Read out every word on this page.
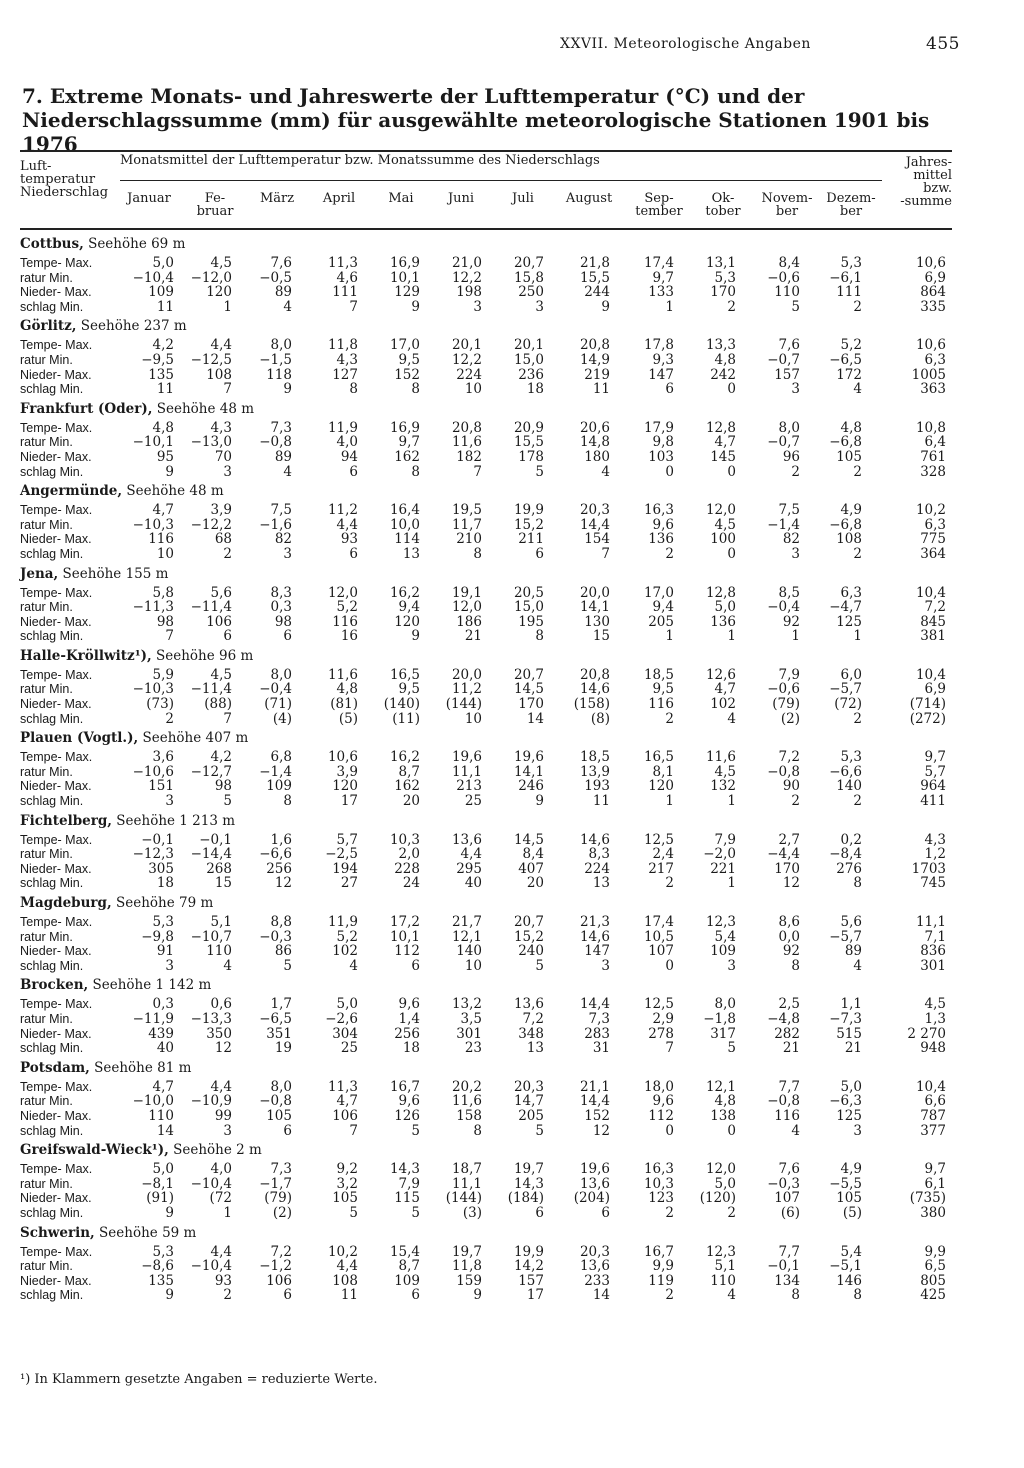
XXVII. Meteorologische Angaben	455
7. Extreme Monats- und Jahreswerte der Lufttemperatur (°C) und der Niederschlagssumme (mm) für ausgewählte meteorologische Stationen 1901 bis 1976
Luft-
temperatur
Niederschlag
Monatsmittel der Lufttemperatur bzw. Monatssumme des Niederschlags
Januar	Fe-
bruar
März	April	Mai	Juni	Juli	August	Sep-
tember
Ok-
tober
Novem-
ber
Dezem-
ber
Jahres-
mittel
bzw.
-summe
Cottbus, Seehöhe 69 m													
Tempe- Max.	5,0	4,5	7,6	11,3	16,9	21,0	20,7	21,8	17,4	13,1	8,4	5,3	10,6
ratur Min.	−10,4	−12,0	−0,5	4,6	10,1	12,2	15,8	15,5	9,7	5,3	−0,6	−6,1	6,9
Nieder- Max.	109	120	89	111	129	198	250	244	133	170	110	111	864
schlag Min.	11	1	4	7	9	3	3	9	1	2	5	2	335
Görlitz, Seehöhe 237 m													
Tempe- Max.	4,2	4,4	8,0	11,8	17,0	20,1	20,1	20,8	17,8	13,3	7,6	5,2	10,6
ratur Min.	−9,5	−12,5	−1,5	4,3	9,5	12,2	15,0	14,9	9,3	4,8	−0,7	−6,5	6,3
Nieder- Max.	135	108	118	127	152	224	236	219	147	242	157	172	1005
schlag Min.	11	7	9	8	8	10	18	11	6	0	3	4	363
Frankfurt (Oder), Seehöhe 48 m													
Tempe- Max.	4,8	4,3	7,3	11,9	16,9	20,8	20,9	20,6	17,9	12,8	8,0	4,8	10,8
ratur Min.	−10,1	−13,0	−0,8	4,0	9,7	11,6	15,5	14,8	9,8	4,7	−0,7	−6,8	6,4
Nieder- Max.	95	70	89	94	162	182	178	180	103	145	96	105	761
schlag Min.	9	3	4	6	8	7	5	4	0	0	2	2	328
Angermünde, Seehöhe 48 m													
Tempe- Max.	4,7	3,9	7,5	11,2	16,4	19,5	19,9	20,3	16,3	12,0	7,5	4,9	10,2
ratur Min.	−10,3	−12,2	−1,6	4,4	10,0	11,7	15,2	14,4	9,6	4,5	−1,4	−6,8	6,3
Nieder- Max.	116	68	82	93	114	210	211	154	136	100	82	108	775
schlag Min.	10	2	3	6	13	8	6	7	2	0	3	2	364
Jena, Seehöhe 155 m													
Tempe- Max.	5,8	5,6	8,3	12,0	16,2	19,1	20,5	20,0	17,0	12,8	8,5	6,3	10,4
ratur Min.	−11,3	−11,4	0,3	5,2	9,4	12,0	15,0	14,1	9,4	5,0	−0,4	−4,7	7,2
Nieder- Max.	98	106	98	116	120	186	195	130	205	136	92	125	845
schlag Min.	7	6	6	16	9	21	8	15	1	1	1	1	381
Halle-Kröllwitz¹), Seehöhe 96 m													
Tempe- Max.	5,9	4,5	8,0	11,6	16,5	20,0	20,7	20,8	18,5	12,6	7,9	6,0	10,4
ratur Min.	−10,3	−11,4	−0,4	4,8	9,5	11,2	14,5	14,6	9,5	4,7	−0,6	−5,7	6,9
Nieder- Max.	(73)	(88)	(71)	(81)	(140)	(144)	170	(158)	116	102	(79)	(72)	(714)
schlag Min.	2	7	(4)	(5)	(11)	10	14	(8)	2	4	(2)	2	(272)
Plauen (Vogtl.), Seehöhe 407 m													
Tempe- Max.	3,6	4,2	6,8	10,6	16,2	19,6	19,6	18,5	16,5	11,6	7,2	5,3	9,7
ratur Min.	−10,6	−12,7	−1,4	3,9	8,7	11,1	14,1	13,9	8,1	4,5	−0,8	−6,6	5,7
Nieder- Max.	151	98	109	120	162	213	246	193	120	132	90	140	964
schlag Min.	3	5	8	17	20	25	9	11	1	1	2	2	411
Fichtelberg, Seehöhe 1 213 m													
Tempe- Max.	−0,1	−0,1	1,6	5,7	10,3	13,6	14,5	14,6	12,5	7,9	2,7	0,2	4,3
ratur Min.	−12,3	−14,4	−6,6	−2,5	2,0	4,4	8,4	8,3	2,4	−2,0	−4,4	−8,4	1,2
Nieder- Max.	305	268	256	194	228	295	407	224	217	221	170	276	1703
schlag Min.	18	15	12	27	24	40	20	13	2	1	12	8	745
Magdeburg, Seehöhe 79 m													
Tempe- Max.	5,3	5,1	8,8	11,9	17,2	21,7	20,7	21,3	17,4	12,3	8,6	5,6	11,1
ratur Min.	−9,8	−10,7	−0,3	5,2	10,1	12,1	15,2	14,6	10,5	5,4	0,0	−5,7	7,1
Nieder- Max.	91	110	86	102	112	140	240	147	107	109	92	89	836
schlag Min.	3	4	5	4	6	10	5	3	0	3	8	4	301
Brocken, Seehöhe 1 142 m													
Tempe- Max.	0,3	0,6	1,7	5,0	9,6	13,2	13,6	14,4	12,5	8,0	2,5	1,1	4,5
ratur Min.	−11,9	−13,3	−6,5	−2,6	1,4	3,5	7,2	7,3	2,9	−1,8	−4,8	−7,3	1,3
Nieder- Max.	439	350	351	304	256	301	348	283	278	317	282	515	2 270
schlag Min.	40	12	19	25	18	23	13	31	7	5	21	21	948
Potsdam, Seehöhe 81 m													
Tempe- Max.	4,7	4,4	8,0	11,3	16,7	20,2	20,3	21,1	18,0	12,1	7,7	5,0	10,4
ratur Min.	−10,0	−10,9	−0,8	4,7	9,6	11,6	14,7	14,4	9,6	4,8	−0,8	−6,3	6,6
Nieder- Max.	110	99	105	106	126	158	205	152	112	138	116	125	787
schlag Min.	14	3	6	7	5	8	5	12	0	0	4	3	377
Greifswald-Wieck¹), Seehöhe 2 m													
Tempe- Max.	5,0	4,0	7,3	9,2	14,3	18,7	19,7	19,6	16,3	12,0	7,6	4,9	9,7
ratur Min.	−8,1	−10,4	−1,7	3,2	7,9	11,1	14,3	13,6	10,3	5,0	−0,3	−5,5	6,1
Nieder- Max.	(91)	(72	(79)	105	115	(144)	(184)	(204)	123	(120)	107	105	(735)
schlag Min.	9	1	(2)	5	5	(3)	6	6	2	2	(6)	(5)	380
Schwerin, Seehöhe 59 m													
Tempe- Max.	5,3	4,4	7,2	10,2	15,4	19,7	19,9	20,3	16,7	12,3	7,7	5,4	9,9
ratur Min.	−8,6	−10,4	−1,2	4,4	8,7	11,8	14,2	13,6	9,9	5,1	−0,1	−5,1	6,5
Nieder- Max.	135	93	106	108	109	159	157	233	119	110	134	146	805
schlag Min.	9	2	6	11	6	9	17	14	2	4	8	8	425
¹) In Klammern gesetzte Angaben = reduzierte Werte.
